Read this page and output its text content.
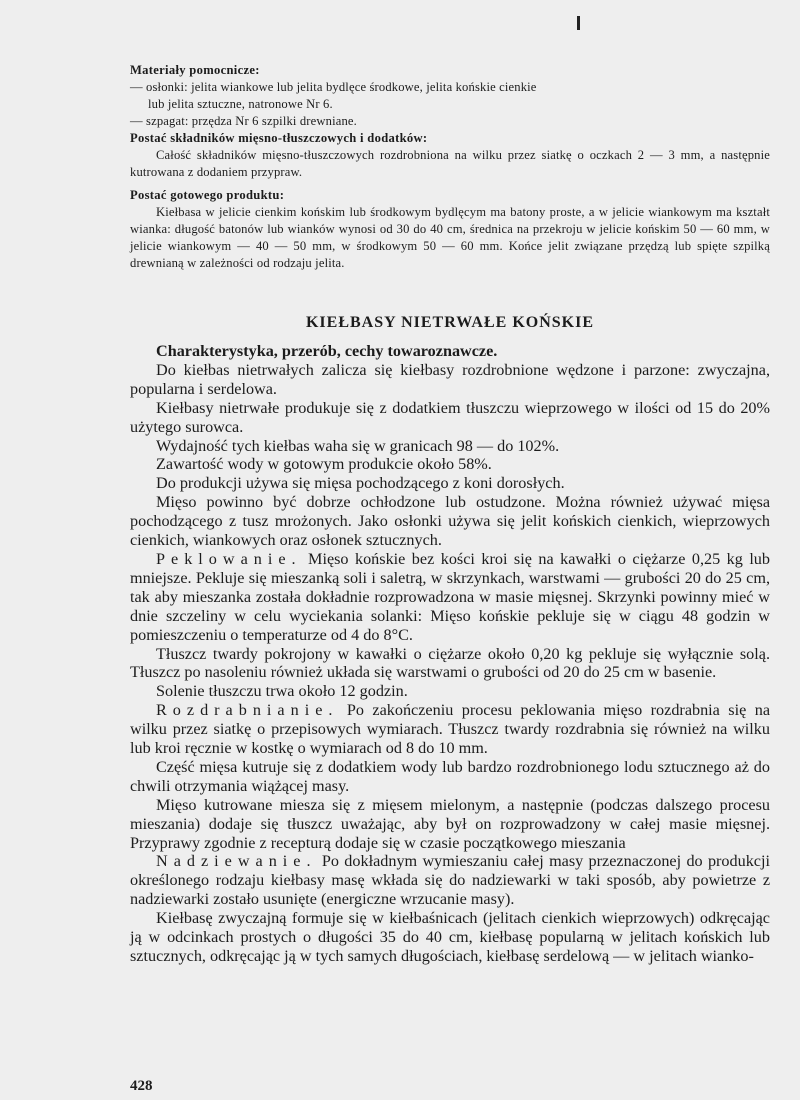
Materiały pomocnicze:
— osłonki: jelita wiankowe lub jelita bydlęce środkowe, jelita końskie cienkie
lub jelita sztuczne, natronowe Nr 6.
— szpagat: przędza Nr 6 szpilki drewniane.
Postać składników mięsno-tłuszczowych i dodatków:

Całość składników mięsno-tłuszczowych rozdrobniona na wilku przez siatkę o oczkach 2 — 3 mm, a następnie kutrowana z dodaniem przypraw.

Postać gotowego produktu:

Kiełbasa w jelicie cienkim końskim lub środkowym bydlęcym ma batony proste, a w jelicie wiankowym ma kształt wianka: długość batonów lub wianków wynosi od 30 do 40 cm, średnica na przekroju w jelicie końskim 50 — 60 mm, w jelicie wiankowym — 40 — 50 mm, w środkowym 50 — 60 mm. Końce jelit związane przędzą lub spięte szpilką drewnianą w zależności od rodzaju jelita.

KIEŁBASY NIETRWAŁE KOŃSKIE

Charakterystyka, przerób, cechy towaroznawcze.

Do kiełbas nietrwałych zalicza się kiełbasy rozdrobnione wędzone i parzone: zwyczajna, popularna i serdelowa.

Kiełbasy nietrwałe produkuje się z dodatkiem tłuszczu wieprzowego w ilości od 15 do 20% użytego surowca.

Wydajność tych kiełbas waha się w granicach 98 — do 102%.

Zawartość wody w gotowym produkcie około 58%.

Do produkcji używa się mięsa pochodzącego z koni dorosłych.

Mięso powinno być dobrze ochłodzone lub ostudzone. Można również używać mięsa pochodzącego z tusz mrożonych. Jako osłonki używa się jelit końskich cienkich, wieprzowych cienkich, wiankowych oraz osłonek sztucznych.

Peklowanie. Mięso końskie bez kości kroi się na kawałki o ciężarze 0,25 kg lub mniejsze. Pekluje się mieszanką soli i saletrą, w skrzynkach, warstwami — grubości 20 do 25 cm, tak aby mieszanka została dokładnie rozprowadzona w masie mięsnej. Skrzynki powinny mieć w dnie szczeliny w celu wyciekania solanki: Mięso końskie pekluje się w ciągu 48 godzin w pomieszczeniu o temperaturze od 4 do 8°C.

Tłuszcz twardy pokrojony w kawałki o ciężarze około 0,20 kg pekluje się wyłącznie solą. Tłuszcz po nasoleniu również układa się warstwami o grubości od 20 do 25 cm w basenie.

Solenie tłuszczu trwa około 12 godzin.

Rozdrabnianie. Po zakończeniu procesu peklowania mięso rozdrabnia się na wilku przez siatkę o przepisowych wymiarach. Tłuszcz twardy rozdrabnia się również na wilku lub kroi ręcznie w kostkę o wymiarach od 8 do 10 mm.

Część mięsa kutruje się z dodatkiem wody lub bardzo rozdrobnionego lodu sztucznego aż do chwili otrzymania wiążącej masy.

Mięso kutrowane miesza się z mięsem mielonym, a następnie (podczas dalszego procesu mieszania) dodaje się tłuszcz uważając, aby był on rozprowadzony w całej masie mięsnej. Przyprawy zgodnie z recepturą dodaje się w czasie początkowego mieszania

Nadziewanie. Po dokładnym wymieszaniu całej masy przeznaczonej do produkcji określonego rodzaju kiełbasy masę wkłada się do nadziewarki w taki sposób, aby powietrze z nadziewarki zostało usunięte (energiczne wrzucanie masy).

Kiełbasę zwyczajną formuje się w kiełbaśnicach (jelitach cienkich wieprzowych) odkręcając ją w odcinkach prostych o długości 35 do 40 cm, kiełbasę popularną w jelitach końskich lub sztucznych, odkręcając ją w tych samych długościach, kiełbasę serdelową — w jelitach wianko-

428
